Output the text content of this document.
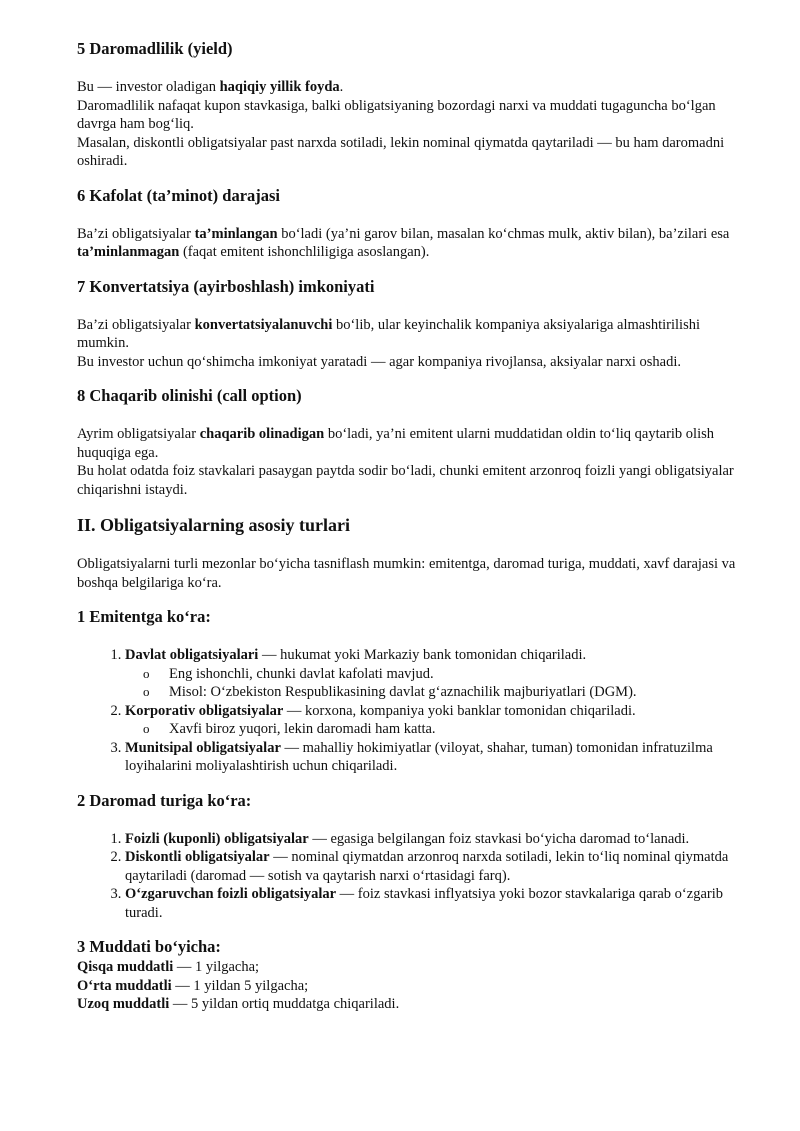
5 Daromadlilik (yield)

Bu — investor oladigan haqiqiy yillik foyda.

Daromadlilik nafaqat kupon stavkasiga, balki obligatsiyaning bozordagi narxi va muddati tugaguncha bo‘lgan davrga ham bog‘liq.

Masalan, diskontli obligatsiyalar past narxda sotiladi, lekin nominal qiymatda qaytariladi — bu ham daromadni oshiradi.

6 Kafolat (ta’minot) darajasi

Ba’zi obligatsiyalar ta’minlangan bo‘ladi (ya’ni garov bilan, masalan ko‘chmas mulk, aktiv bilan), ba’zilari esa ta’minlanmagan (faqat emitent ishonchliligiga asoslangan).

7 Konvertatsiya (ayirboshlash) imkoniyati

Ba’zi obligatsiyalar konvertatsiyalanuvchi bo‘lib, ular keyinchalik kompaniya aksiyalariga almashtirilishi mumkin.

Bu investor uchun qo‘shimcha imkoniyat yaratadi — agar kompaniya rivojlansa, aksiyalar narxi oshadi.

8 Chaqarib olinishi (call option)

Ayrim obligatsiyalar chaqarib olinadigan bo‘ladi, ya’ni emitent ularni muddatidan oldin to‘liq qaytarib olish huquqiga ega.

Bu holat odatda foiz stavkalari pasaygan paytda sodir bo‘ladi, chunki emitent arzonroq foizli yangi obligatsiyalar chiqarishni istaydi.

II. Obligatsiyalarning asosiy turlari

Obligatsiyalarni turli mezonlar bo‘yicha tasniflash mumkin: emitentga, daromad turiga, muddati, xavf darajasi va boshqa belgilariga ko‘ra.

1 Emitentga ko‘ra:
1. Davlat obligatsiyalari — hukumat yoki Markaziy bank tomonidan chiqariladi.
o Eng ishonchli, chunki davlat kafolati mavjud.
o Misol: O‘zbekiston Respublikasining davlat g‘aznachilik majburiyatlari (DGM).
2. Korporativ obligatsiyalar — korxona, kompaniya yoki banklar tomonidan chiqariladi.
o Xavfi biroz yuqori, lekin daromadi ham katta.
3. Munitsipal obligatsiyalar — mahalliy hokimiyatlar (viloyat, shahar, tuman) tomonidan infratuzilma loyihalarini moliyalashtirish uchun chiqariladi.
2 Daromad turiga ko‘ra:
1. Foizli (kuponli) obligatsiyalar — egasiga belgilangan foiz stavkasi bo‘yicha daromad to‘lanadi.
2. Diskontli obligatsiyalar — nominal qiymatdan arzonroq narxda sotiladi, lekin to‘liq nominal qiymatda qaytariladi (daromad — sotish va qaytarish narxi o‘rtasidagi farq).
3. O‘zgaruvchan foizli obligatsiyalar — foiz stavkasi inflyatsiya yoki bozor stavkalariga qarab o‘zgarib turadi.
3 Muddati bo‘yicha:

Qisqa muddatli — 1 yilgacha;

O‘rta muddatli — 1 yildan 5 yilgacha;

Uzoq muddatli — 5 yildan ortiq muddatga chiqariladi.
